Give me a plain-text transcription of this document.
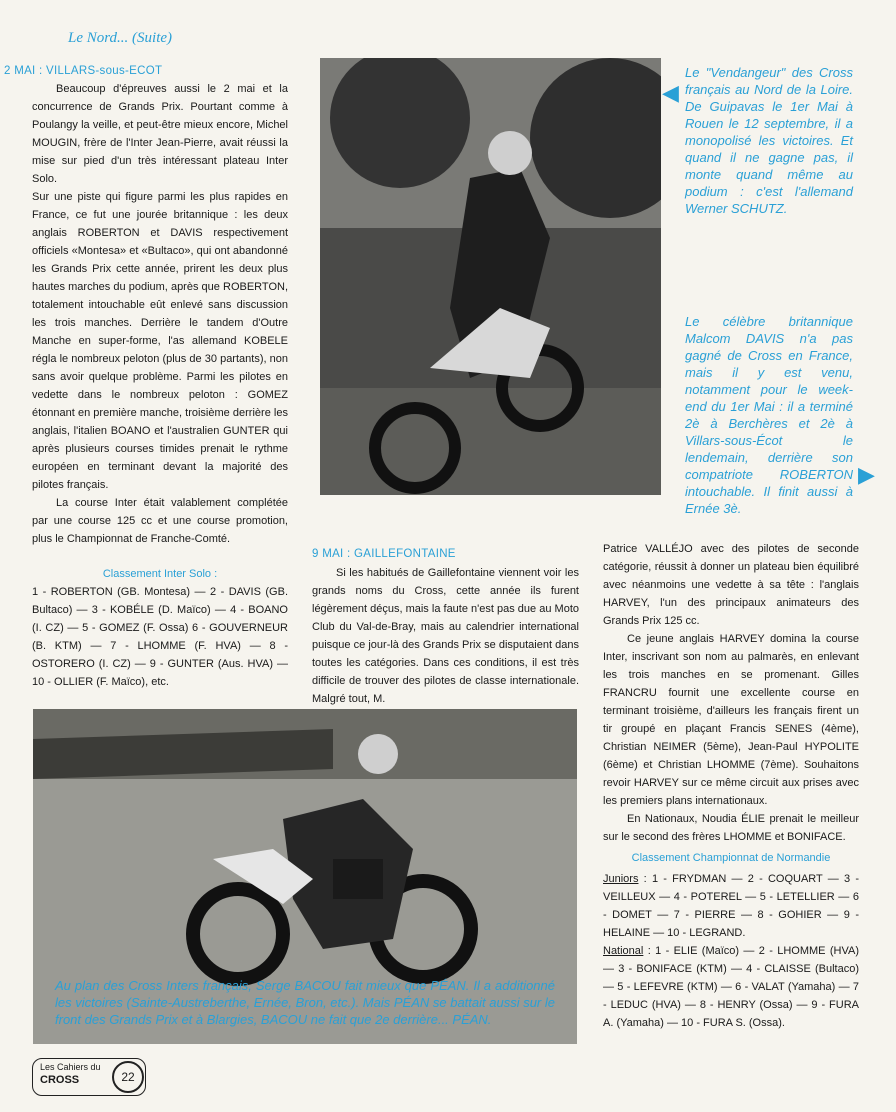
Le Nord... (Suite)
2 MAI : VILLARS-sous-ECOT

Beaucoup d'épreuves aussi le 2 mai et la concurrence de Grands Prix. Pourtant comme à Poulangy la veille, et peut-être mieux encore, Michel MOUGIN, frère de l'Inter Jean-Pierre, avait réussi la mise sur pied d'un très intéressant plateau Inter Solo.

Sur une piste qui figure parmi les plus rapides en France, ce fut une jourée britannique : les deux anglais ROBERTON et DAVIS respectivement officiels «Montesa» et «Bultaco», qui ont abandonné les Grands Prix cette année, prirent les deux plus hautes marches du podium, après que ROBERTON, totalement intouchable eût enlevé sans discussion les trois manches. Derrière le tandem d'Outre Manche en super-forme, l'as allemand KOBELE régla le nombreux peloton (plus de 30 partants), non sans avoir quelque problème. Parmi les pilotes en vedette dans le nombreux peloton : GOMEZ étonnant en première manche, troisième derrière les anglais, l'italien BOANO et l'australien GUNTER qui après plusieurs courses timides prenait le rythme européen en terminant devant la majorité des pilotes français.

La course Inter était valablement complétée par une course 125 cc et une course promotion, plus le Championnat de Franche-Comté.

Classement Inter Solo :
1 - ROBERTON (GB. Montesa) — 2 - DAVIS (GB. Bultaco) — 3 - KOBÉLE (D. Maïco) — 4 - BOANO (I. CZ) — 5 - GOMEZ (F. Ossa) 6 - GOUVERNEUR (B. KTM) — 7 - LHOMME (F. HVA) — 8 - OSTORERO (I. CZ) — 9 - GUNTER (Aus. HVA) — 10 - OLLIER (F. Maïco), etc.
Le "Vendangeur" des Cross français au Nord de la Loire. De Guipavas le 1er Mai à Rouen le 12 septembre, il a monopolisé les victoires. Et quand il ne gagne pas, il monte quand même au podium : c'est l'allemand Werner SCHUTZ.
◀
Le célèbre britannique Malcom DAVIS n'a pas gagné de Cross en France, mais il y est venu, notamment pour le week-end du 1er Mai : il a terminé 2è à Berchères et 2è à Villars-sous-Écot le lendemain, derrière son compatriote ROBERTON intouchable. Il finit aussi à Ernée 3è.
▶
9 MAI : GAILLEFONTAINE

Si les habitués de Gaillefontaine viennent voir les grands noms du Cross, cette année ils furent légèrement déçus, mais la faute n'est pas due au Moto Club du Val-de-Bray, mais au calendrier international puisque ce jour-là des Grands Prix se disputaient dans toutes les catégories. Dans ces conditions, il est très difficile de trouver des pilotes de classe internationale. Malgré tout, M.

Patrice VALLÉJO avec des pilotes de seconde catégorie, réussit à donner un plateau bien équilibré avec néanmoins une vedette à sa tête : l'anglais HARVEY, l'un des principaux animateurs des Grands Prix 125 cc.

Ce jeune anglais HARVEY domina la course Inter, inscrivant son nom au palmarès, en enlevant les trois manches en se promenant. Gilles FRANCRU fournit une excellente course en terminant troisième, d'ailleurs les français firent un tir groupé en plaçant Francis SENES (4ème), Christian NEIMER (5ème), Jean-Paul HYPOLITE (6ème) et Christian LHOMME (7ème). Souhaitons revoir HARVEY sur ce même circuit aux prises avec les premiers plans internationaux.

En Nationaux, Noudia ÉLIE prenait le meilleur sur le second des frères LHOMME et BONIFACE.

Classement Championnat de Normandie
Juniors : 1 - FRYDMAN — 2 - COQUART — 3 - VEILLEUX — 4 - POTEREL — 5 - LETELLIER — 6 - DOMET — 7 - PIERRE — 8 - GOHIER — 9 - HELAINE — 10 - LEGRAND.
National : 1 - ELIE (Maïco) — 2 - LHOMME (HVA) — 3 - BONIFACE (KTM) — 4 - CLAISSE (Bultaco) — 5 - LEFEVRE (KTM) — 6 - VALAT (Yamaha) — 7 - LEDUC (HVA) — 8 - HENRY (Ossa) — 9 - FURA A. (Yamaha) — 10 - FURA S. (Ossa).
Au plan des Cross Inters français, Serge BACOU fait mieux que PÉAN. Il a additionné les victoires (Sainte-Austreberthe, Ernée, Bron, etc.). Mais PÉAN se battait aussi sur le front des Grands Prix et à Blargies, BACOU ne fait que 2e derrière... PÉAN.
Les Cahiers du
CROSS	22
